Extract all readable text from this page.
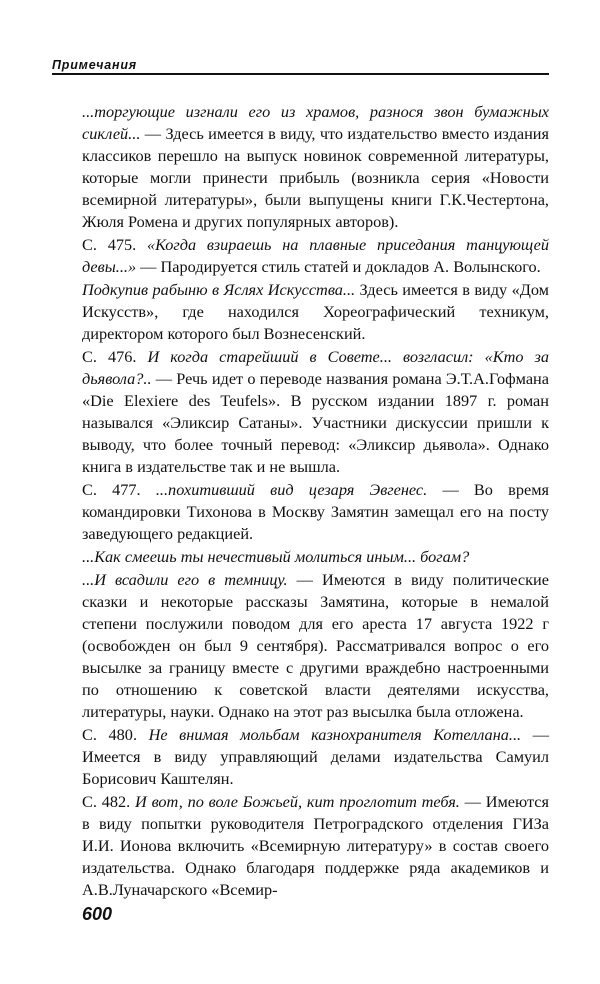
Примечания

...торгующие изгнали его из храмов, разнося звон бумажных сиклей... — Здесь имеется в виду, что издательство вместо издания классиков перешло на выпуск новинок современной литературы, которые могли принести прибыль (возникла серия «Новости всемирной литературы», были выпущены книги Г.К.Честертона, Жюля Ромена и других популярных авторов).

С. 475. «Когда взираешь на плавные приседания танцующей девы...» — Пародируется стиль статей и докладов А. Волынского.

Подкупив рабыню в Яслях Искусства... Здесь имеется в виду «Дом Искусств», где находился Хореографический техникум, директором которого был Вознесенский.

С. 476. И когда старейший в Совете... возгласил: «Кто за дьявола?.. — Речь идет о переводе названия романа Э.Т.А.Гофмана «Die Elexiere des Teufels». В русском издании 1897 г. роман назывался «Эликсир Сатаны». Участники дискуссии пришли к выводу, что более точный перевод: «Эликсир дьявола». Однако книга в издательстве так и не вышла.

С. 477. ...похитивший вид цезаря Эвгенес. — Во время командировки Тихонова в Москву Замятин замещал его на посту заведующего редакцией.

...Как смеешь ты нечестивый молиться иным... богам?

...И всадили его в темницу. — Имеются в виду политические сказки и некоторые рассказы Замятина, которые в немалой степени послужили поводом для его ареста 17 августа 1922 г (освобожден он был 9 сентября). Рассматривался вопрос о его высылке за границу вместе с другими враждебно настроенными по отношению к советской власти деятелями искусства, литературы, науки. Однако на этот раз высылка была отложена.

С. 480. Не внимая мольбам казнохранителя Котеллана... — Имеется в виду управляющий делами издательства Самуил Борисович Каштелян.

С. 482. И вот, по воле Божьей, кит проглотит тебя. — Имеются в виду попытки руководителя Петроградского отделения ГИЗа И.И. Ионова включить «Всемирную литературу» в состав своего издательства. Однако благодаря поддержке ряда академиков и А.В.Луначарского «Всемир-

600
